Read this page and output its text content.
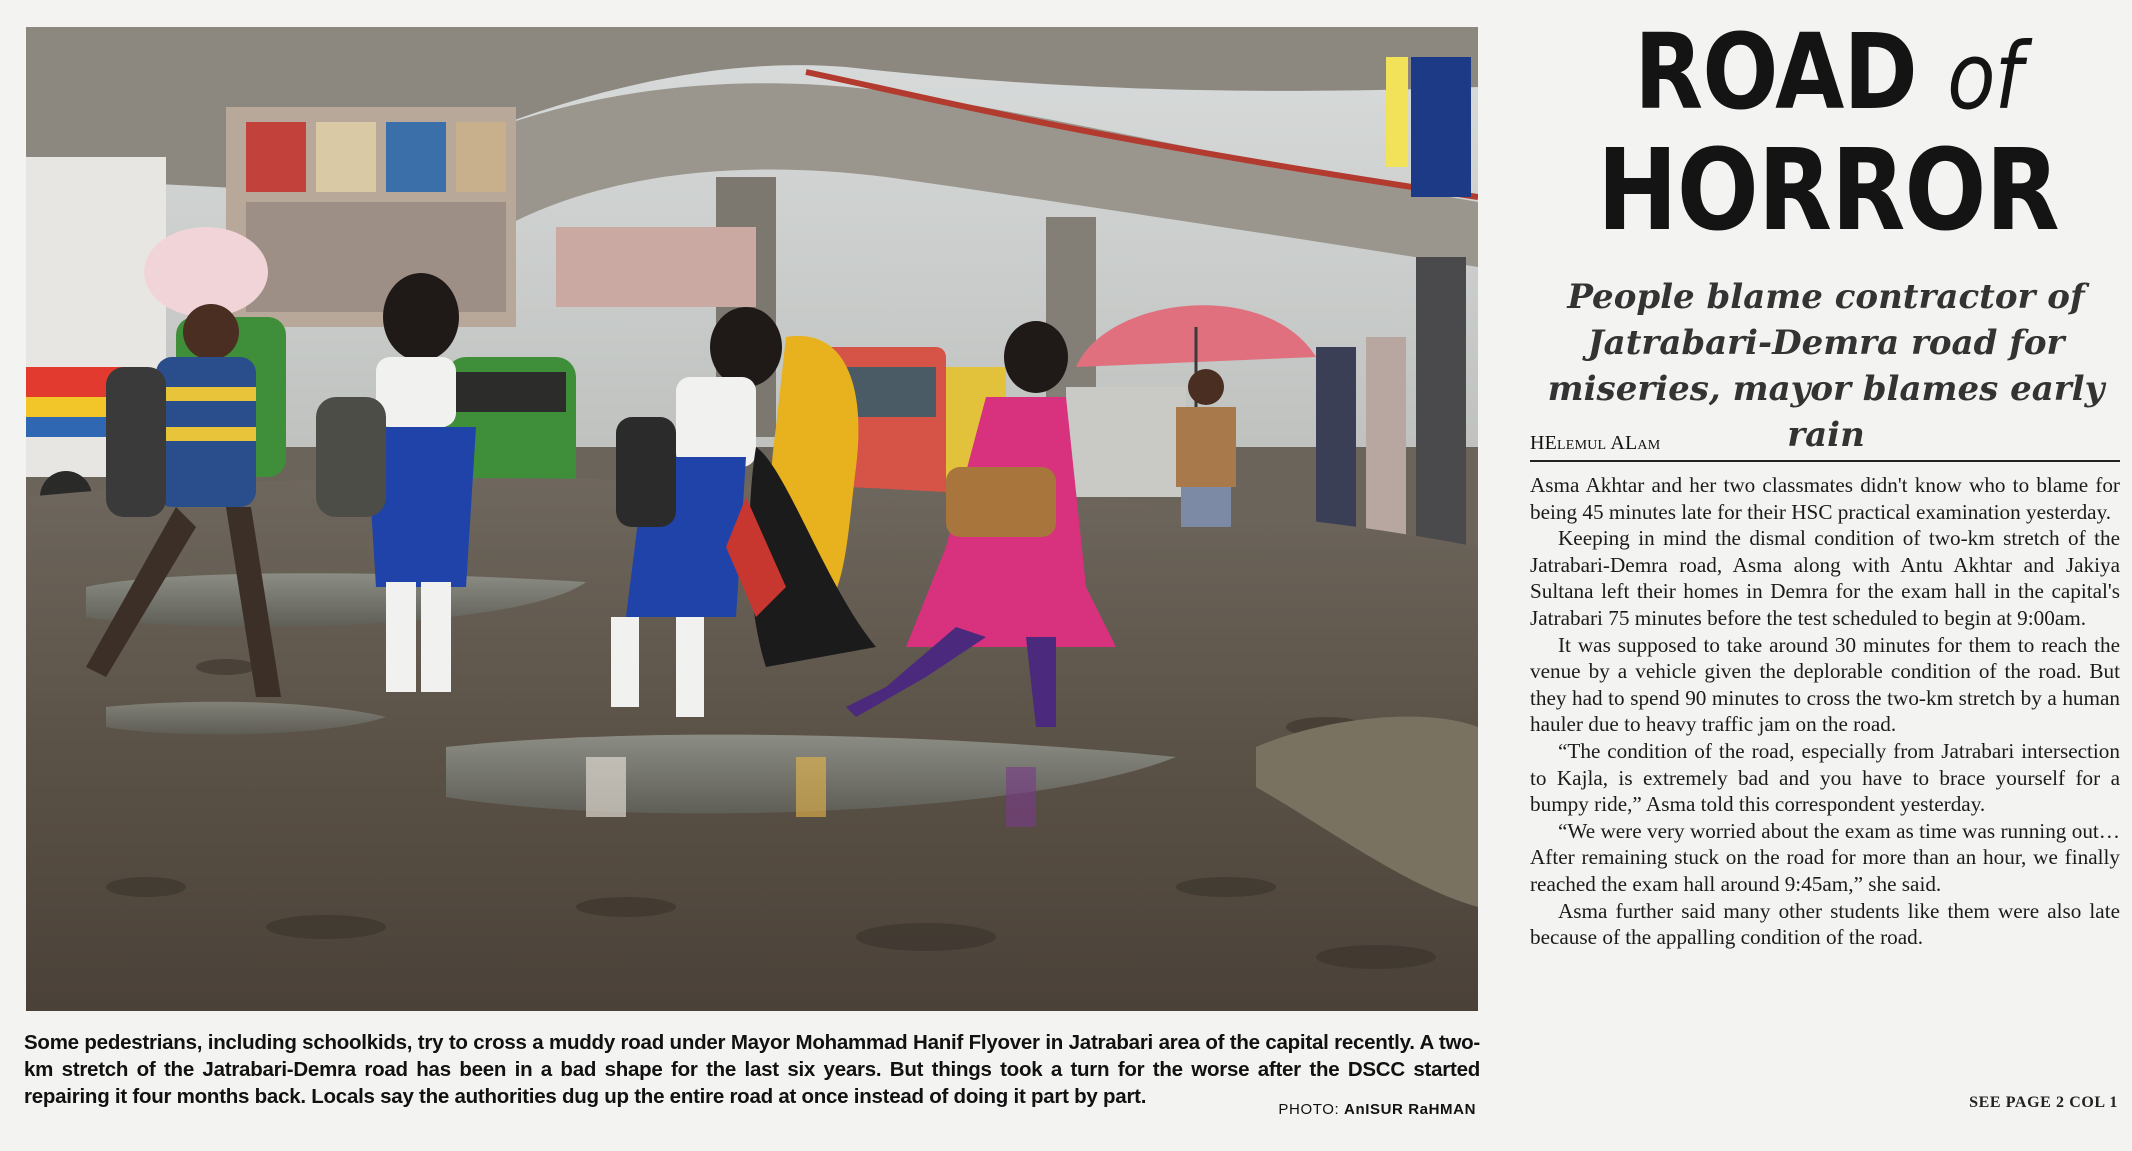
Some pedestrians, including schoolkids, try to cross a muddy road under Mayor Mohammad Hanif Flyover in Jatrabari area of the capital recently. A two-km stretch of the Jatrabari-Demra road has been in a bad shape for the last six years. But things took a turn for the worse after the DSCC started repairing it four months back. Locals say the authorities dug up the entire road at once instead of doing it part by part.
PHOTO: AnISUR RaHMAN
ROAD of
HORROR
People blame contractor of Jatrabari-Demra road for miseries, mayor blames early rain
HElemul ALam

Asma Akhtar and her two classmates didn't know who to blame for being 45 minutes late for their HSC practical examination yesterday.

Keeping in mind the dismal condition of two-km stretch of the Jatrabari-Demra road, Asma along with Antu Akhtar and Jakiya Sultana left their homes in Demra for the exam hall in the capital's Jatrabari 75 minutes before the test scheduled to begin at 9:00am.

It was supposed to take around 30 minutes for them to reach the venue by a vehicle given the deplorable condition of the road. But they had to spend 90 minutes to cross the two-km stretch by a human hauler due to heavy traffic jam on the road.

“The condition of the road, especially from Jatrabari intersection to Kajla, is extremely bad and you have to brace yourself for a bumpy ride,” Asma told this correspondent yesterday.

“We were very worried about the exam as time was running out… After remaining stuck on the road for more than an hour, we finally reached the exam hall around 9:45am,” she said.

Asma further said many other students like them were also late because of the appalling condition of the road.

SEE PAGE 2 COL 1
